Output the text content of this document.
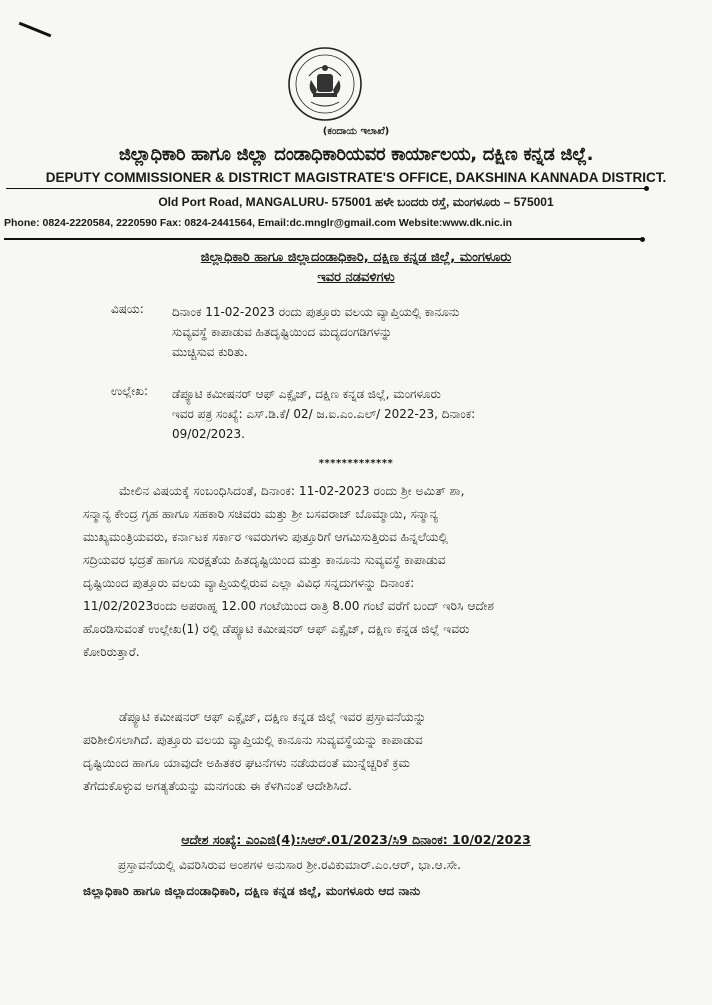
(ಕಂದಾಯ ಇಲಾಖೆ)
ಜಿಲ್ಲಾಧಿಕಾರಿ ಹಾಗೂ ಜಿಲ್ಲಾ ದಂಡಾಧಿಕಾರಿಯವರ ಕಾರ್ಯಾಲಯ, ದಕ್ಷಿಣ ಕನ್ನಡ ಜಿಲ್ಲೆ.
DEPUTY COMMISSIONER & DISTRICT MAGISTRATE'S OFFICE, DAKSHINA KANNADA DISTRICT.
Old Port Road, MANGALURU- 575001 ಹಳೇ ಬಂದರು ರಸ್ತೆ, ಮಂಗಳೂರು – 575001
Phone: 0824-2220584, 2220590 Fax: 0824-2441564, Email:dc.mnglr@gmail.com Website:www.dk.nic.in
ಜಿಲ್ಲಾಧಿಕಾರಿ ಹಾಗೂ ಜಿಲ್ಲಾದಂಡಾಧಿಕಾರಿ, ದಕ್ಷಿಣ ಕನ್ನಡ ಜಿಲ್ಲೆ, ಮಂಗಳೂರು
ಇವರ ನಡವಳಿಗಳು
ವಿಷಯ: ದಿನಾಂಕ 11-02-2023 ರಂದು ಪುತ್ತೂರು ವಲಯ ವ್ಯಾಪ್ತಿಯಲ್ಲಿ ಕಾನೂನು
ಸುವ್ಯವಸ್ಥೆ ಕಾಪಾಡುವ ಹಿತದೃಷ್ಟಿಯಿಂದ ಮದ್ಯದಂಗಡಿಗಳನ್ನು
ಮುಚ್ಚಿಸುವ ಕುರಿತು.
ಉಲ್ಲೇಖ: ಡೆಪ್ಯೂಟಿ ಕಮೀಷನರ್ ಆಫ್ ಎಕ್ಸೈಜ್, ದಕ್ಷಿಣ ಕನ್ನಡ ಜಿಲ್ಲೆ, ಮಂಗಳೂರು
ಇವರ ಪತ್ರ ಸಂಖ್ಯೆ: ಎಸ್.ಡಿ.ಕೆ/ 02/ ಜ.ಐ.ಎಂ.ಎಲ್/ 2022-23, ದಿನಾಂಕ:
09/02/2023.
*************
ಮೇಲಿನ ವಿಷಯಕ್ಕೆ ಸಂಬಂಧಿಸಿದಂತೆ, ದಿನಾಂಕ: 11-02-2023 ರಂದು ಶ್ರೀ ಅಮಿತ್ ಶಾ,
ಸನ್ಮಾನ್ಯ ಕೇಂದ್ರ ಗೃಹ ಹಾಗೂ ಸಹಕಾರಿ ಸಚಿವರು ಮತ್ತು ಶ್ರೀ ಬಸವರಾಜ್ ಬೊಮ್ಮಾಯಿ, ಸನ್ಮಾನ್ಯ
ಮುಖ್ಯಮಂತ್ರಿಯವರು, ಕರ್ನಾಟಕ ಸರ್ಕಾರ ಇವರುಗಳು ಪುತ್ತೂರಿಗೆ ಆಗಮಿಸುತ್ತಿರುವ ಹಿನ್ನಲೆಯಲ್ಲಿ
ಸದ್ರಿಯವರ ಭದ್ರತೆ ಹಾಗೂ ಸುರಕ್ಷತೆಯ ಹಿತದೃಷ್ಟಿಯಿಂದ ಮತ್ತು ಕಾನೂನು ಸುವ್ಯವಸ್ಥೆ ಕಾಪಾಡುವ
ದೃಷ್ಟಿಯಿಂದ ಪುತ್ತೂರು ವಲಯ ವ್ಯಾಪ್ತಿಯಲ್ಲಿರುವ ಎಲ್ಲಾ ವಿವಿಧ ಸನ್ನದುಗಳನ್ನು ದಿನಾಂಕ:
11/02/2023ರಂದು ಅಪರಾಹ್ನ 12.00 ಗಂಟೆಯಿಂದ ರಾತ್ರಿ 8.00 ಗಂಟೆ ವರೆಗೆ ಬಂದ್ ಇರಿಸಿ ಆದೇಶ
ಹೊರಡಿಸುವಂತೆ ಉಲ್ಲೇಖ(1) ರಲ್ಲಿ ಡೆಪ್ಯೂಟಿ ಕಮೀಷನರ್ ಆಫ್ ಎಕ್ಸೈಜ್, ದಕ್ಷಿಣ ಕನ್ನಡ ಜಿಲ್ಲೆ ಇವರು
ಕೋರಿರುತ್ತಾರೆ.
ಡೆಪ್ಯೂಟಿ ಕಮೀಷನರ್ ಆಫ್ ಎಕ್ಸೈಜ್, ದಕ್ಷಿಣ ಕನ್ನಡ ಜಿಲ್ಲೆ ಇವರ ಪ್ರಸ್ತಾವನೆಯನ್ನು
ಪರಿಶೀಲಿಸಲಾಗಿದೆ. ಪುತ್ತೂರು ವಲಯ ವ್ಯಾಪ್ತಿಯಲ್ಲಿ ಕಾನೂನು ಸುವ್ಯವಸ್ಥೆಯನ್ನು ಕಾಪಾಡುವ
ದೃಷ್ಟಿಯಿಂದ ಹಾಗೂ ಯಾವುದೇ ಅಹಿತಕರ ಘಟನೆಗಳು ನಡೆಯದಂತೆ ಮುನ್ನೆಚ್ಚರಿಕೆ ಕ್ರಮ
ತೆಗೆದುಕೊಳ್ಳುವ ಅಗತ್ಯತೆಯನ್ನು ಮನಗಂಡು ಈ ಕೆಳಗಿನಂತೆ ಆದೇಶಿಸಿದೆ.
ಆದೇಶ ಸಂಖ್ಯೆ: ಎಂಎಜಿ(4):ಸಿಆರ್.01/2023/ಸಿ9 ದಿನಾಂಕ: 10/02/2023
ಪ್ರಸ್ತಾವನೆಯಲ್ಲಿ ವಿವರಿಸಿರುವ ಅಂಶಗಳ ಅನುಸಾರ ಶ್ರೀ.ರವಿಕುಮಾರ್.ಎಂ.ಆರ್, ಭಾ.ಆ.ಸೇ.
ಜಿಲ್ಲಾಧಿಕಾರಿ ಹಾಗೂ ಜಿಲ್ಲಾದಂಡಾಧಿಕಾರಿ, ದಕ್ಷಿಣ ಕನ್ನಡ ಜಿಲ್ಲೆ, ಮಂಗಳೂರು ಆದ ನಾನು
